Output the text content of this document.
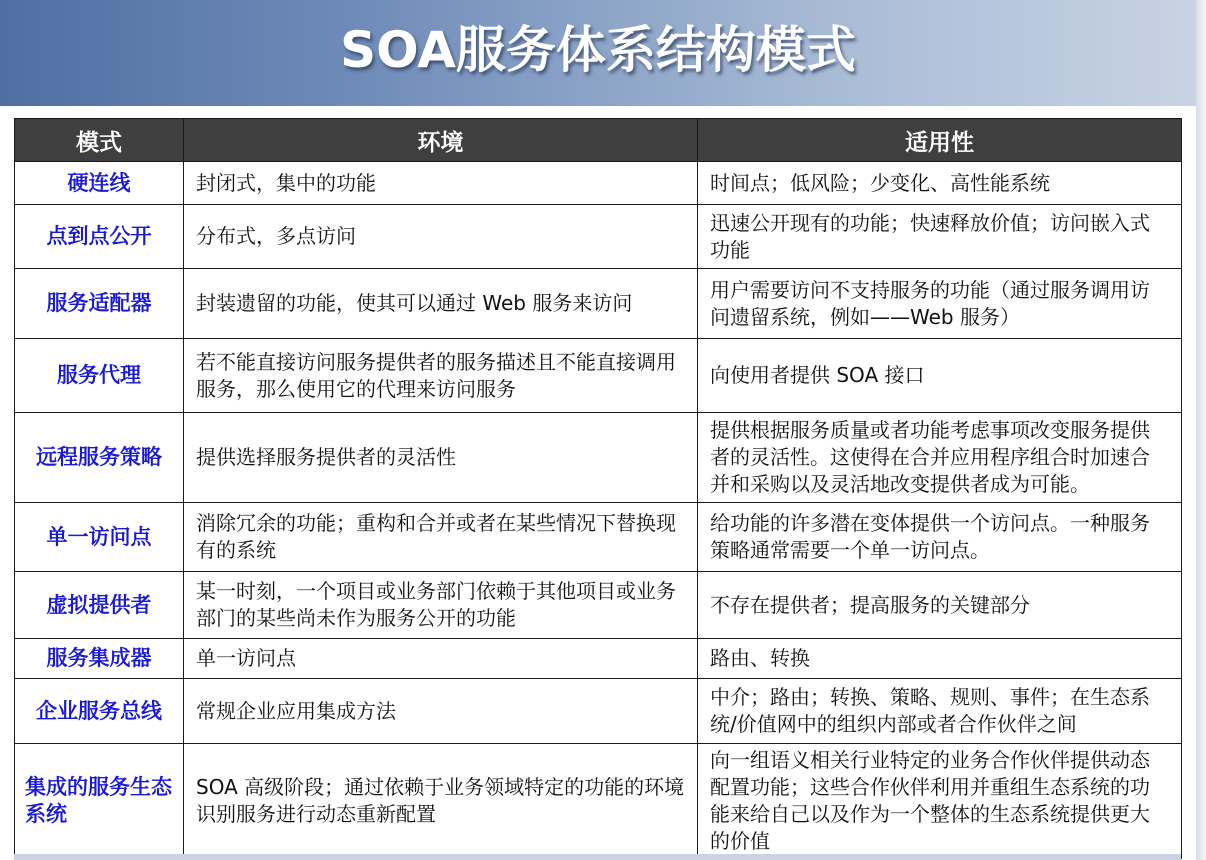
SOA服务体系结构模式
模式	环境	适用性
硬连线	封闭式，集中的功能	时间点；低风险；少变化、高性能系统
点到点公开	分布式，多点访问	迅速公开现有的功能；快速释放价值；访问嵌入式功能
服务适配器	封装遗留的功能，使其可以通过 Web 服务来访问	用户需要访问不支持服务的功能（通过服务调用访问遗留系统，例如——Web 服务）
服务代理	若不能直接访问服务提供者的服务描述且不能直接调用服务，那么使用它的代理来访问服务	向使用者提供 SOA 接口
远程服务策略	提供选择服务提供者的灵活性	提供根据服务质量或者功能考虑事项改变服务提供者的灵活性。这使得在合并应用程序组合时加速合并和采购以及灵活地改变提供者成为可能。
单一访问点	消除冗余的功能；重构和合并或者在某些情况下替换现有的系统	给功能的许多潜在变体提供一个访问点。一种服务策略通常需要一个单一访问点。
虚拟提供者	某一时刻，一个项目或业务部门依赖于其他项目或业务部门的某些尚未作为服务公开的功能	不存在提供者；提高服务的关键部分
服务集成器	单一访问点	路由、转换
企业服务总线	常规企业应用集成方法	中介；路由；转换、策略、规则、事件；在生态系统/价值网中的组织内部或者合作伙伴之间
集成的服务生态系统	SOA 高级阶段；通过依赖于业务领域特定的功能的环境识别服务进行动态重新配置	向一组语义相关行业特定的业务合作伙伴提供动态配置功能；这些合作伙伴利用并重组生态系统的功能来给自己以及作为一个整体的生态系统提供更大的价值
